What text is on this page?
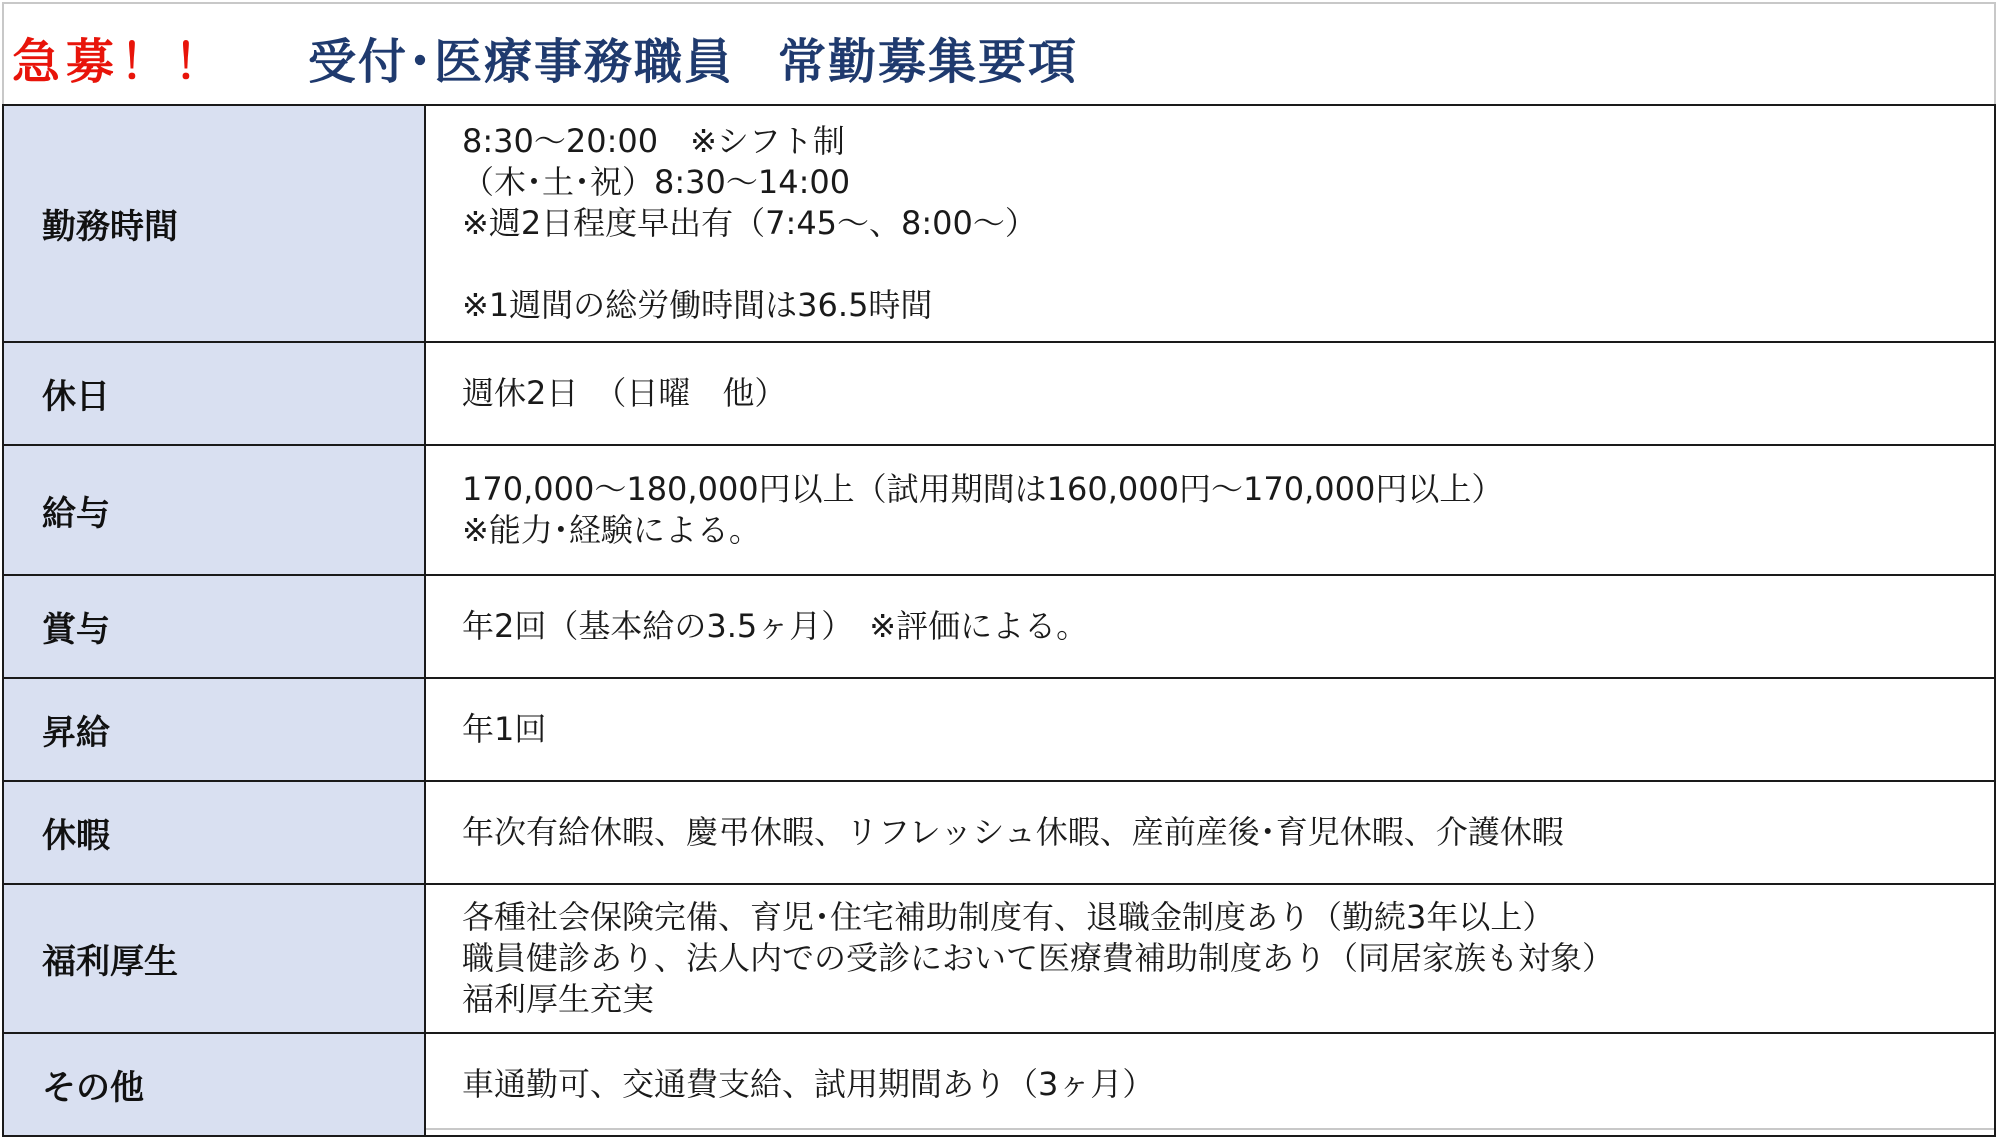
急募！！ 受付･医療事務職員 常勤募集要項
勤務時間	8:30～20:00　※シフト制
（木･土･祝）8:30～14:00
※週2日程度早出有（7:45～、8:00～）
※1週間の総労働時間は36.5時間

休日	週休2日　（日曜　他）

給与	170,000～180,000円以上（試用期間は160,000円～170,000円以上）
※能力･経験による。

賞与	年2回（基本給の3.5ヶ月）　※評価による。

昇給	年1回

休暇	年次有給休暇、慶弔休暇、リフレッシュ休暇、産前産後･育児休暇、介護休暇

福利厚生	各種社会保険完備、育児･住宅補助制度有、退職金制度あり（勤続3年以上）
職員健診あり、法人内での受診において医療費補助制度あり（同居家族も対象）
福利厚生充実

その他	車通勤可、交通費支給、試用期間あり（3ヶ月）
